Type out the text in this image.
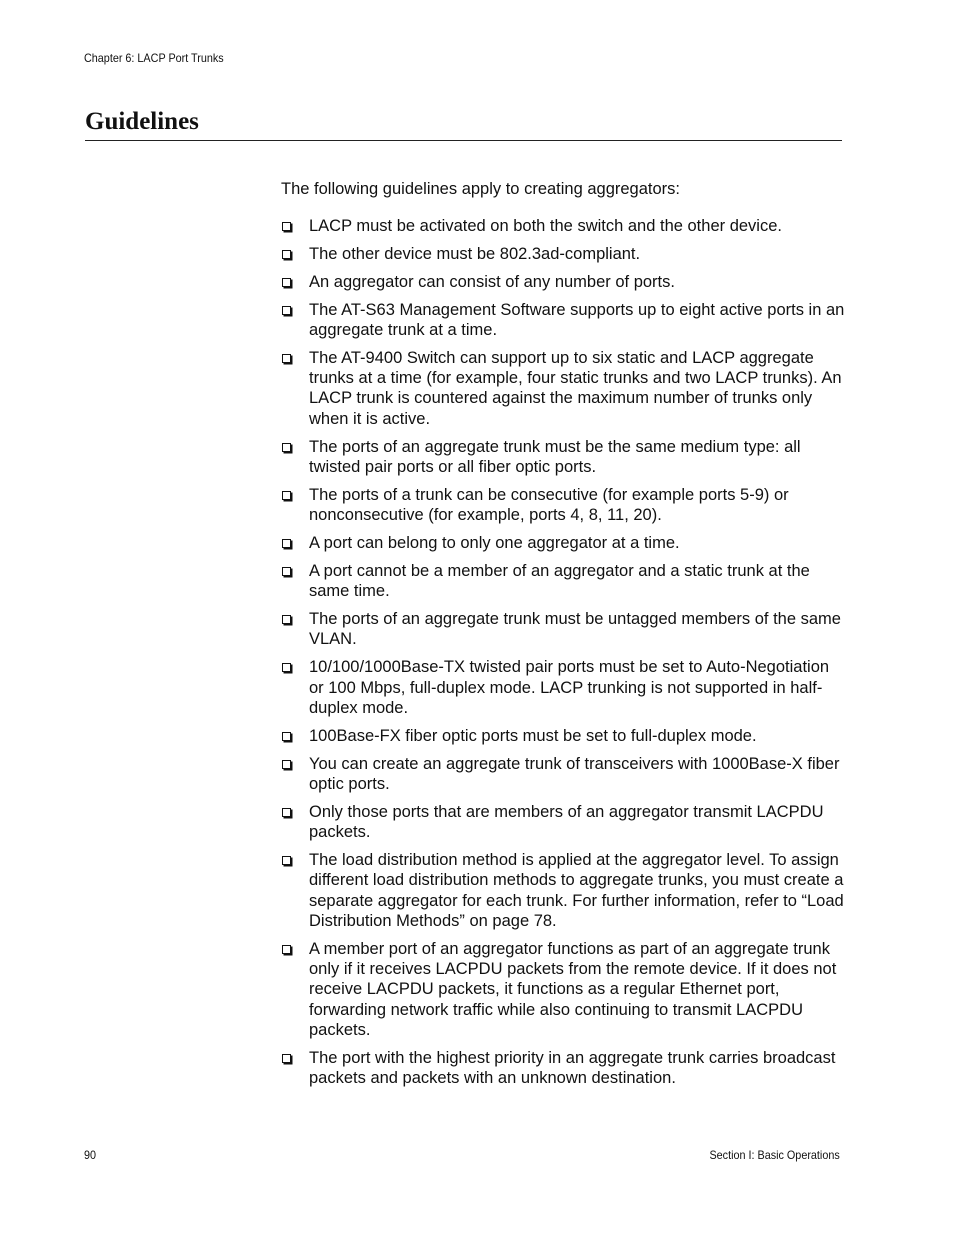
Chapter 6: LACP Port Trunks
Guidelines

The following guidelines apply to creating aggregators:

LACP must be activated on both the switch and the other device.
The other device must be 802.3ad-compliant.
An aggregator can consist of any number of ports.
The AT-S63 Management Software supports up to eight active ports in an aggregate trunk at a time.
The AT-9400 Switch can support up to six static and LACP aggregate trunks at a time (for example, four static trunks and two LACP trunks). An LACP trunk is countered against the maximum number of trunks only when it is active.
The ports of an aggregate trunk must be the same medium type: all twisted pair ports or all fiber optic ports.
The ports of a trunk can be consecutive (for example ports 5-9) or nonconsecutive (for example, ports 4, 8, 11, 20).
A port can belong to only one aggregator at a time.
A port cannot be a member of an aggregator and a static trunk at the same time.
The ports of an aggregate trunk must be untagged members of the same VLAN.
10/100/1000Base-TX twisted pair ports must be set to Auto-Negotiation or 100 Mbps, full-duplex mode. LACP trunking is not supported in half-duplex mode.
100Base-FX fiber optic ports must be set to full-duplex mode.
You can create an aggregate trunk of transceivers with 1000Base-X fiber optic ports.
Only those ports that are members of an aggregator transmit LACPDU packets.
The load distribution method is applied at the aggregator level. To assign different load distribution methods to aggregate trunks, you must create a separate aggregator for each trunk. For further information, refer to “Load Distribution Methods” on page 78.
A member port of an aggregator functions as part of an aggregate trunk only if it receives LACPDU packets from the remote device. If it does not receive LACPDU packets, it functions as a regular Ethernet port, forwarding network traffic while also continuing to transmit LACPDU packets.
The port with the highest priority in an aggregate trunk carries broadcast packets and packets with an unknown destination.
90	Section I: Basic Operations
